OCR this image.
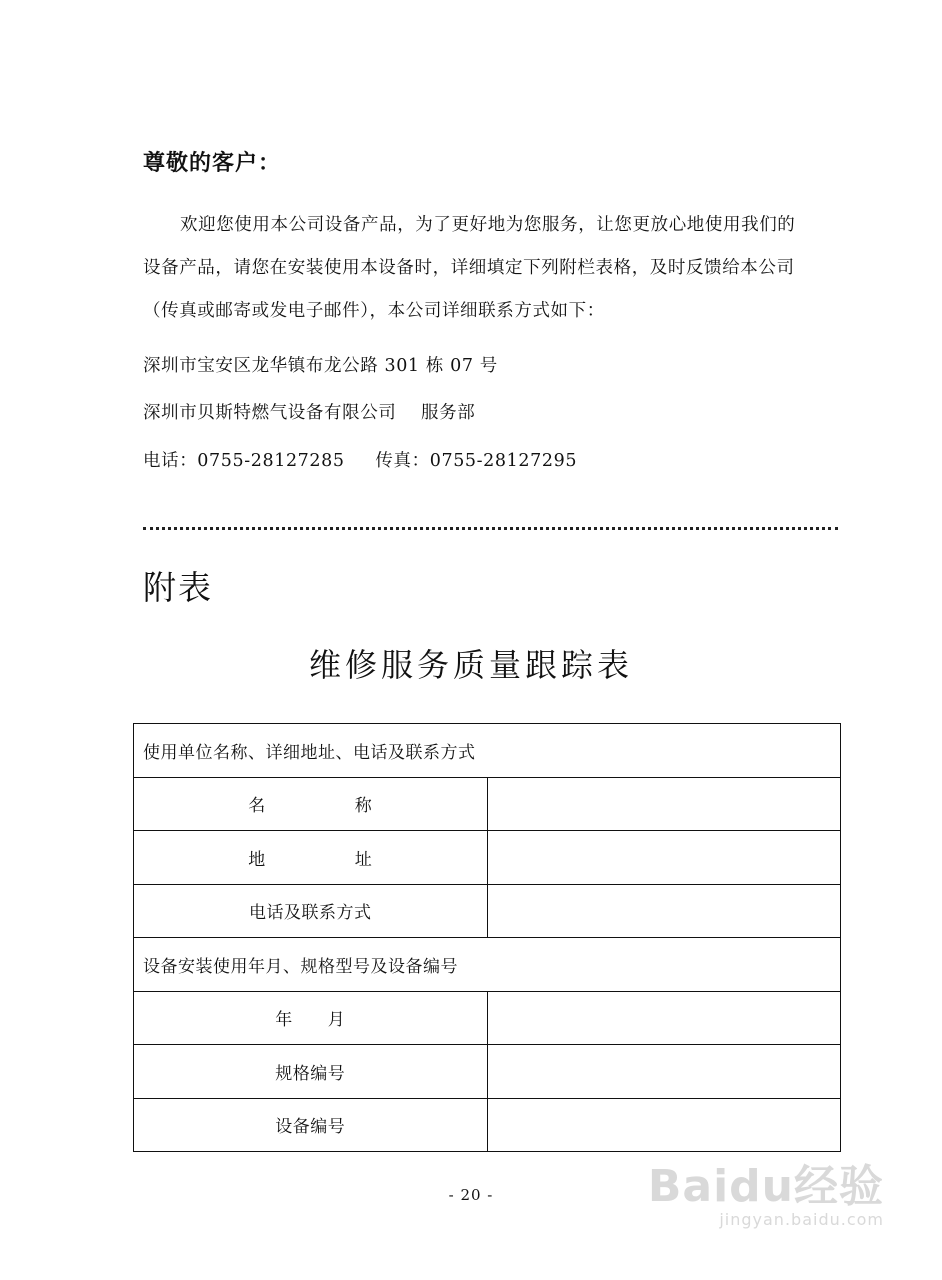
尊敬的客户：

欢迎您使用本公司设备产品，为了更好地为您服务，让您更放心地使用我们的设备产品，请您在安装使用本设备时，详细填定下列附栏表格，及时反馈给本公司（传真或邮寄或发电子邮件），本公司详细联系方式如下：

深圳市宝安区龙华镇布龙公路 301 栋 07 号
深圳市贝斯特燃气设备有限公司    服务部
电话：0755-28127285     传真：0755-28127295
附表
维修服务质量跟踪表
使用单位名称、详细地址、电话及联系方式	
名称	
地址	
电话及联系方式	
设备安装使用年月、规格型号及设备编号	
年月	
规格编号	
设备编号	
- 20 -	Baidu经验
jingyan.baidu.com
